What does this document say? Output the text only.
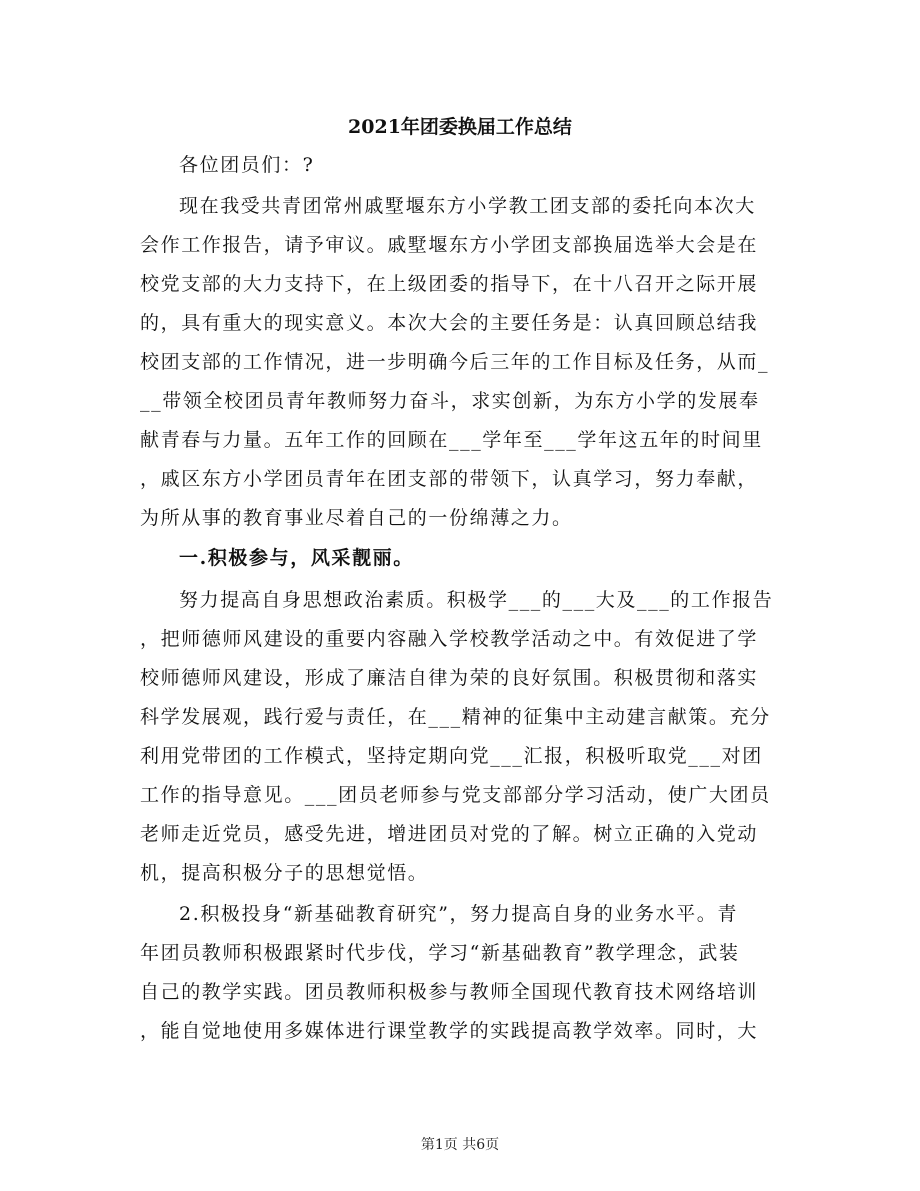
2021年团委换届工作总结

各位团员们：?

现在我受共青团常州戚墅堰东方小学教工团支部的委托向本次大

会作工作报告，请予审议。戚墅堰东方小学团支部换届选举大会是在

校党支部的大力支持下，在上级团委的指导下，在十八召开之际开展

的，具有重大的现实意义。本次大会的主要任务是：认真回顾总结我

校团支部的工作情况，进一步明确今后三年的工作目标及任务，从而_

__带领全校团员青年教师努力奋斗，求实创新，为东方小学的发展奉

献青春与力量。五年工作的回顾在___学年至___学年这五年的时间里

，戚区东方小学团员青年在团支部的带领下，认真学习，努力奉献，

为所从事的教育事业尽着自己的一份绵薄之力。

一.积极参与，风采靓丽。

努力提高自身思想政治素质。积极学___的___大及___的工作报告

，把师德师风建设的重要内容融入学校教学活动之中。有效促进了学

校师德师风建设，形成了廉洁自律为荣的良好氛围。积极贯彻和落实

科学发展观，践行爱与责任，在___精神的征集中主动建言献策。充分

利用党带团的工作模式，坚持定期向党___汇报，积极听取党___对团

工作的指导意见。___团员老师参与党支部部分学习活动，使广大团员

老师走近党员，感受先进，增进团员对党的了解。树立正确的入党动

机，提高积极分子的思想觉悟。

2.积极投身“新基础教育研究”，努力提高自身的业务水平。青

年团员教师积极跟紧时代步伐，学习“新基础教育”教学理念，武装

自己的教学实践。团员教师积极参与教师全国现代教育技术网络培训

，能自觉地使用多媒体进行课堂教学的实践提高教学效率。同时，大

第1页 共6页
